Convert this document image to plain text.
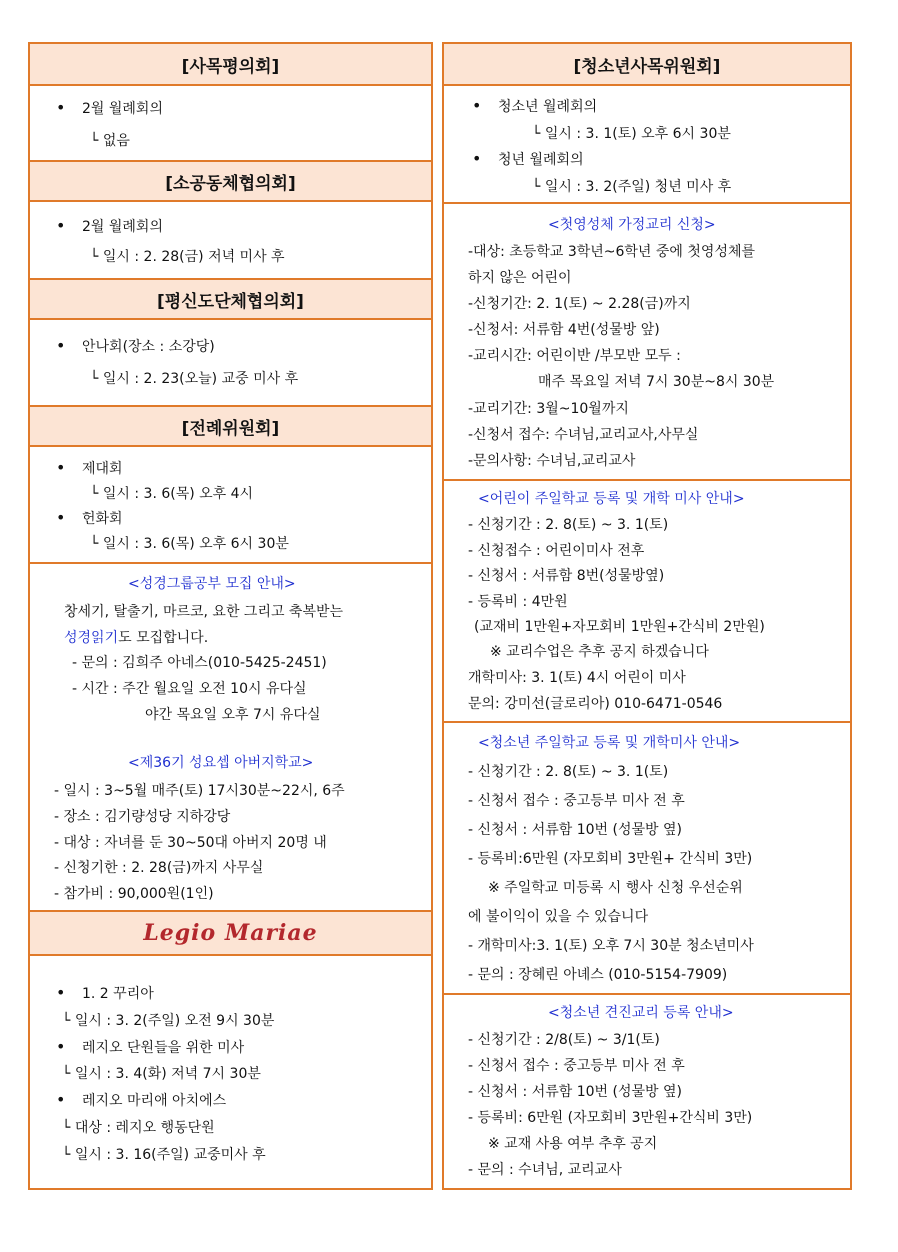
[사목평의회]
• 2월 월례회의
└ 없음
[소공동체협의회]
• 2월 월례회의
└ 일시 : 2. 28(금) 저녁 미사 후
[평신도단체협의회]
• 안나회(장소 : 소강당)
└ 일시 : 2. 23(오늘) 교중 미사 후
[전례위원회]
• 제대회
└ 일시 : 3. 6(목) 오후 4시
• 헌화회
└ 일시 : 3. 6(목) 오후 6시 30분
<성경그룹공부 모집 안내>
창세기, 탈출기, 마르코, 요한 그리고 축복받는
성경읽기도 모집합니다.
- 문의 : 김희주 아네스(010-5425-2451)
- 시간 : 주간 월요일 오전 10시 유다실
야간 목요일 오후 7시 유다실
<제36기 성요셉 아버지학교>
- 일시 : 3~5월 매주(토) 17시30분~22시, 6주
- 장소 : 김기량성당 지하강당
- 대상 : 자녀를 둔 30~50대 아버지 20명 내
- 신청기한 : 2. 28(금)까지 사무실
- 참가비 : 90,000원(1인)
Legio Mariae
• 1. 2 꾸리아
└ 일시 : 3. 2(주일) 오전 9시 30분
• 레지오 단원들을 위한 미사
└ 일시 : 3. 4(화) 저녁 7시 30분
• 레지오 마리애 아치에스
└ 대상 : 레지오 행동단원
└ 일시 : 3. 16(주일) 교중미사 후
[청소년사목위원회]
• 청소년 월례회의
└ 일시 : 3. 1(토) 오후 6시 30분
• 청년 월례회의
└ 일시 : 3. 2(주일) 청년 미사 후
<첫영성체 가정교리 신청>
-대상: 초등학교 3학년~6학년 중에 첫영성체를
하지 않은 어린이
-신청기간: 2. 1(토) ~ 2.28(금)까지
-신청서: 서류함 4번(성물방 앞)
-교리시간: 어린이반 /부모반 모두 :
매주 목요일 저녁 7시 30분~8시 30분
-교리기간: 3월~10월까지
-신청서 접수: 수녀님,교리교사,사무실
-문의사항: 수녀님,교리교사
<어린이 주일학교 등록 및 개학 미사 안내>
- 신청기간 : 2. 8(토) ~ 3. 1(토)
- 신청접수 : 어린이미사 전후
- 신청서 : 서류함 8번(성물방옆)
- 등록비 : 4만원
(교재비 1만원+자모회비 1만원+간식비 2만원)
※ 교리수업은 추후 공지 하겠습니다
개학미사: 3. 1(토) 4시 어린이 미사
문의: 강미선(글로리아) 010-6471-0546
<청소년 주일학교 등록 및 개학미사 안내>
- 신청기간 : 2. 8(토) ~ 3. 1(토)
- 신청서 접수 : 중고등부 미사 전 후
- 신청서 : 서류함 10번 (성물방 옆)
- 등록비:6만원 (자모회비 3만원+ 간식비 3만)
※ 주일학교 미등록 시 행사 신청 우선순위
에 불이익이 있을 수 있습니다
- 개학미사:3. 1(토) 오후 7시 30분 청소년미사
- 문의 : 장혜린 아녜스 (010-5154-7909)
<청소년 견진교리 등록 안내>
- 신청기간 : 2/8(토) ~ 3/1(토)
- 신청서 접수 : 중고등부 미사 전 후
- 신청서 : 서류함 10번 (성물방 옆)
- 등록비: 6만원 (자모회비 3만원+간식비 3만)
※ 교재 사용 여부 추후 공지
- 문의 : 수녀님, 교리교사
